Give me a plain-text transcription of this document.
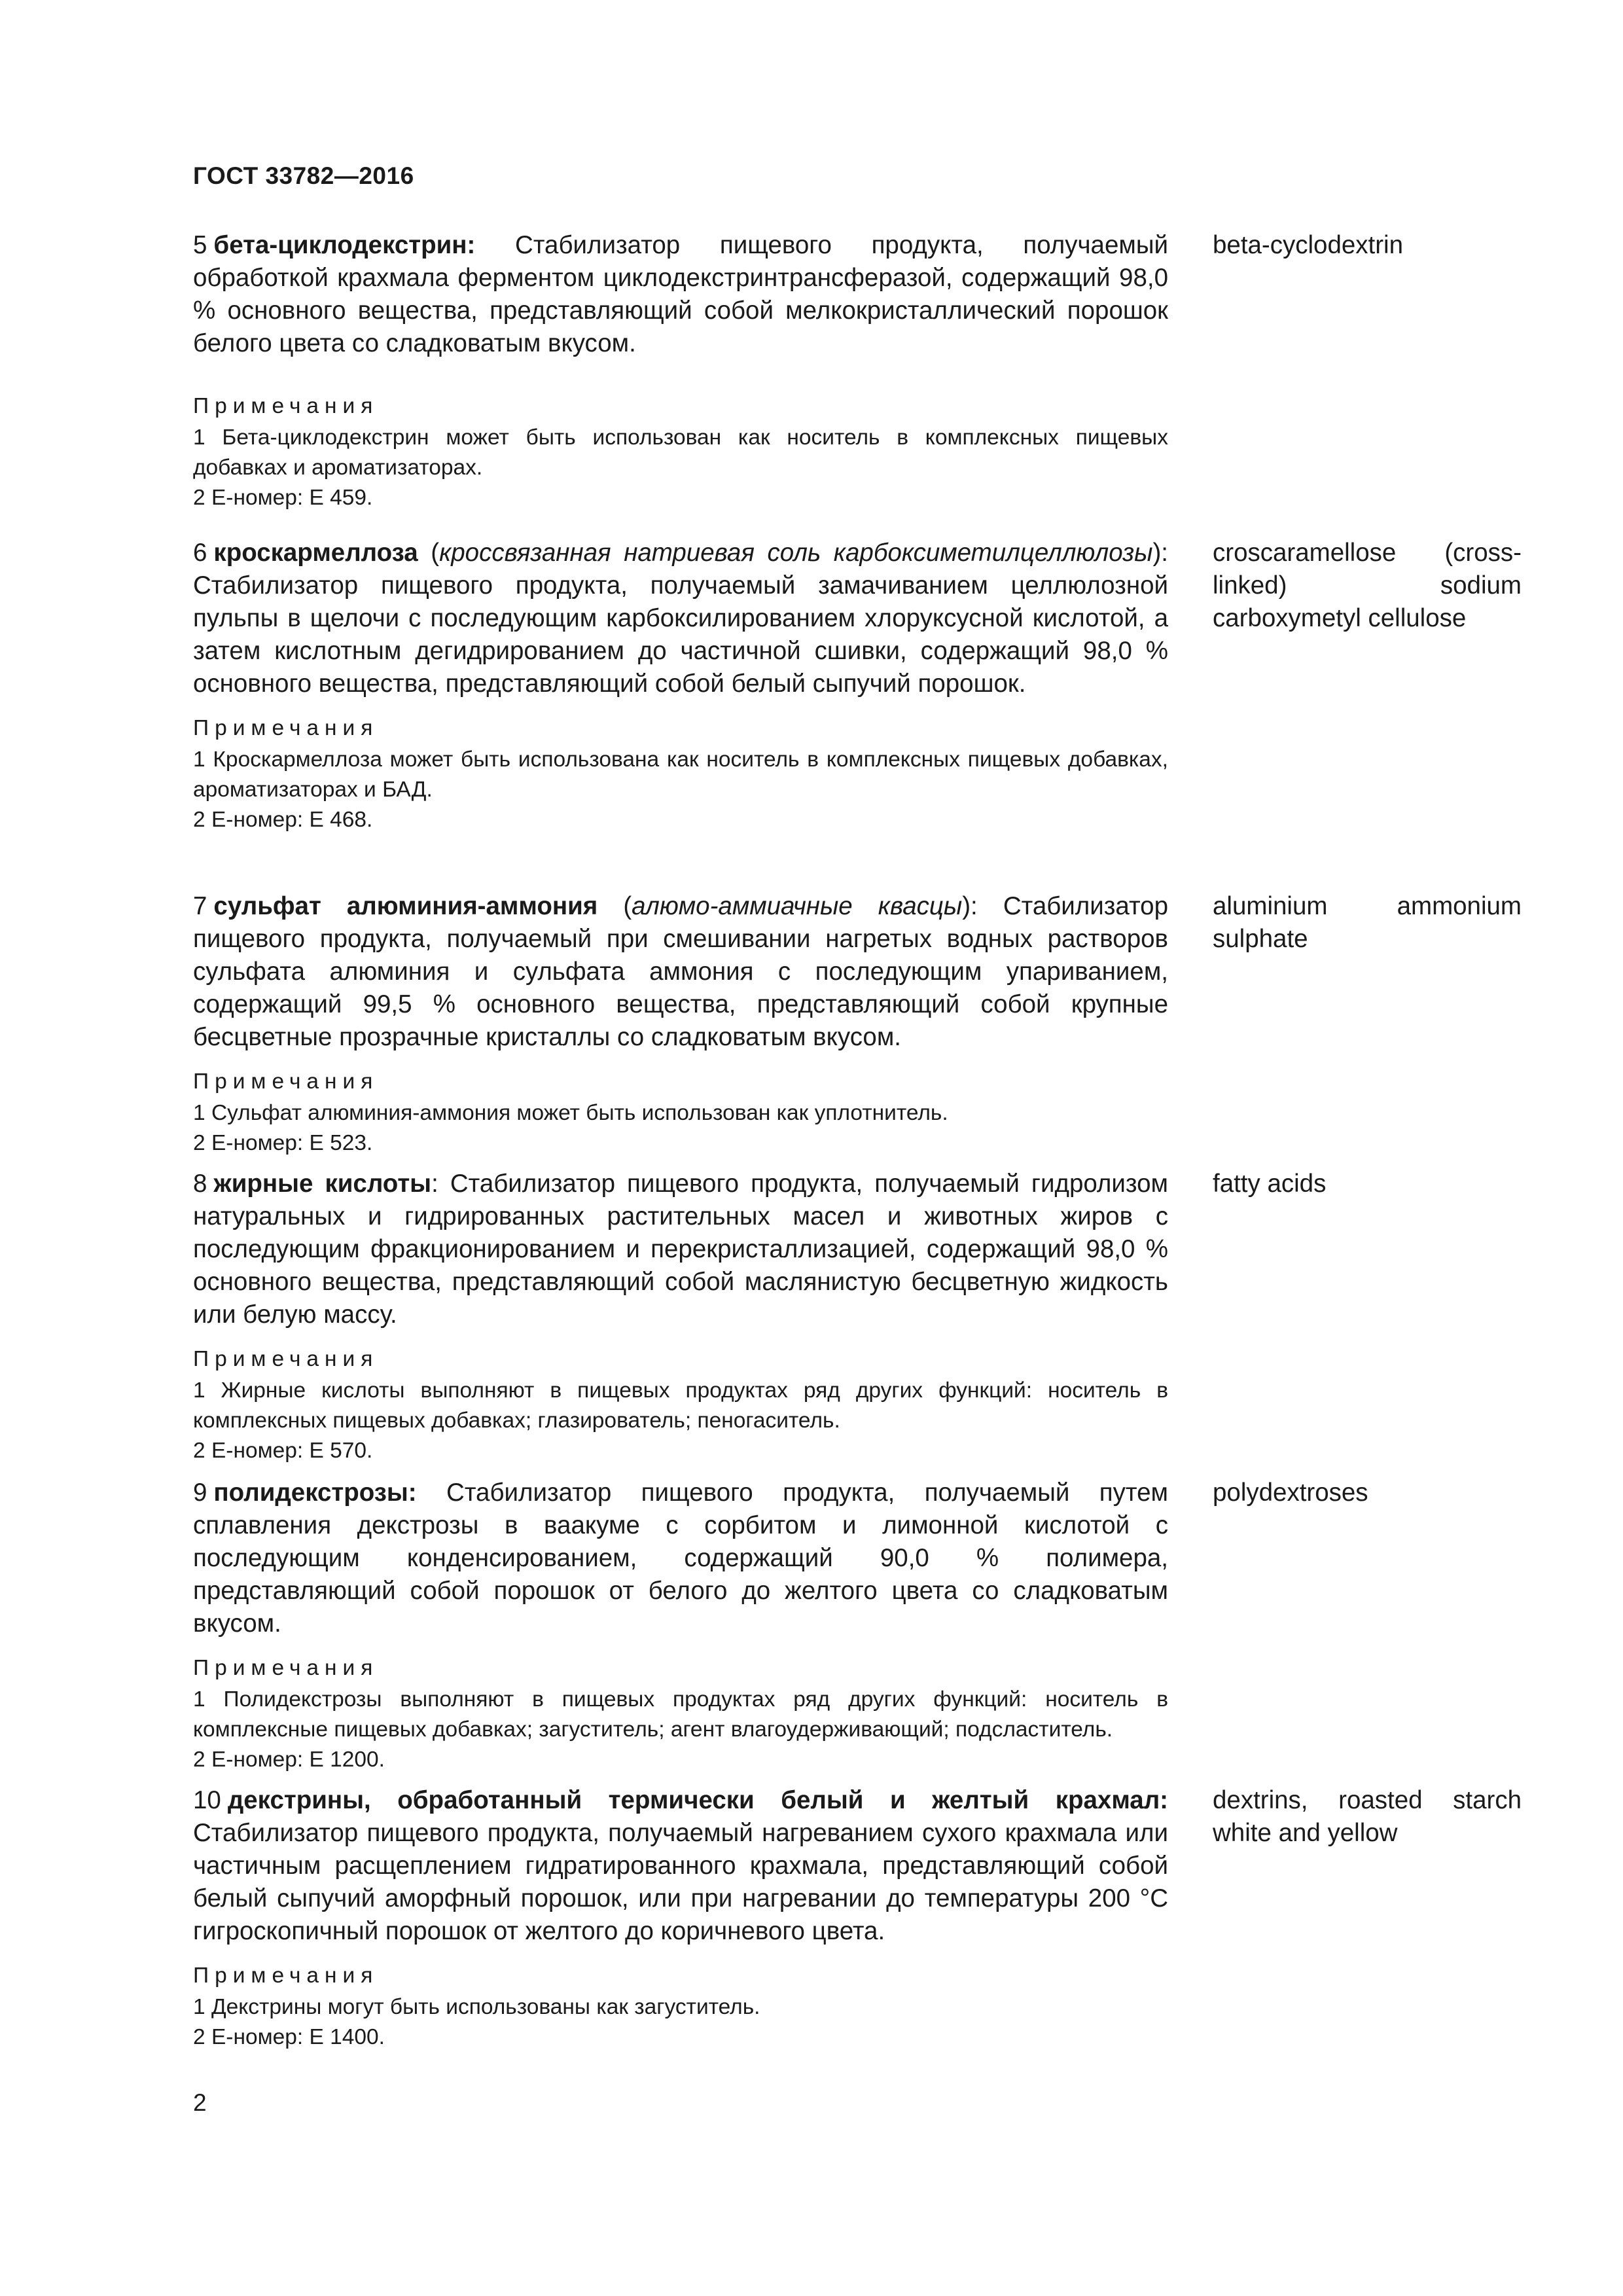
ГОСТ 33782—2016

5 бета-циклодекстрин: Стабилизатор пищевого продукта, получаемый обработкой крахмала ферментом циклодекстринтрансферазой, содержащий 98,0 % основного вещества, представляющий собой мелкокристаллический порошок белого цвета со сладковатым вкусом.

beta-cyclodextrin

Примечания
1 Бета-циклодекстрин может быть использован как носитель в комплексных пищевых добавках и ароматизаторах.
2 Е-номер: Е 459.

6 кроскармеллоза (кроссвязанная натриевая соль карбоксиметилцеллюлозы): Стабилизатор пищевого продукта, получаемый замачиванием целлюлозной пульпы в щелочи с последующим карбоксилированием хлоруксусной кислотой, а затем кислотным дегидрированием до частичной сшивки, содержащий 98,0 % основного вещества, представляющий собой белый сыпучий порошок.

croscaramellose (cross-linked) sodium carboxymetyl cellulose

Примечания
1 Кроскармеллоза может быть использована как носитель в комплексных пищевых добавках, ароматизаторах и БАД.
2 Е-номер: Е 468.

7 сульфат алюминия-аммония (алюмо-аммиачные квасцы): Стабилизатор пищевого продукта, получаемый при смешивании нагретых водных растворов сульфата алюминия и сульфата аммония с последующим упариванием, содержащий 99,5 % основного вещества, представляющий собой крупные бесцветные прозрачные кристаллы со сладковатым вкусом.

aluminium ammonium sulphate

Примечания
1 Сульфат алюминия-аммония может быть использован как уплотнитель.
2 Е-номер: Е 523.

8 жирные кислоты: Стабилизатор пищевого продукта, получаемый гидролизом натуральных и гидрированных растительных масел и животных жиров с последующим фракционированием и перекристаллизацией, содержащий 98,0 % основного вещества, представляющий собой маслянистую бесцветную жидкость или белую массу.

fatty acids

Примечания
1 Жирные кислоты выполняют в пищевых продуктах ряд других функций: носитель в комплексных пищевых добавках; глазирователь; пеногаситель.
2 Е-номер: Е 570.

9 полидекстрозы: Стабилизатор пищевого продукта, получаемый путем сплавления декстрозы в ваакуме с сорбитом и лимонной кислотой с последующим конденсированием, содержащий 90,0 % полимера, представляющий собой порошок от белого до желтого цвета со сладковатым вкусом.

polydextroses

Примечания
1 Полидекстрозы выполняют в пищевых продуктах ряд других функций: носитель в комплексные пищевых добавках; загуститель; агент влагоудерживающий; подсластитель.
2 Е-номер: Е 1200.

10 декстрины, обработанный термически белый и желтый крахмал: Стабилизатор пищевого продукта, получаемый нагреванием сухого крахмала или частичным расщеплением гидратированного крахмала, представляющий собой белый сыпучий аморфный порошок, или при нагревании до температуры 200 °С гигроскопичный порошок от желтого до коричневого цвета.

dextrins, roasted starch white and yellow

Примечания
1 Декстрины могут быть использованы как загуститель.
2 Е-номер: Е 1400.
2
